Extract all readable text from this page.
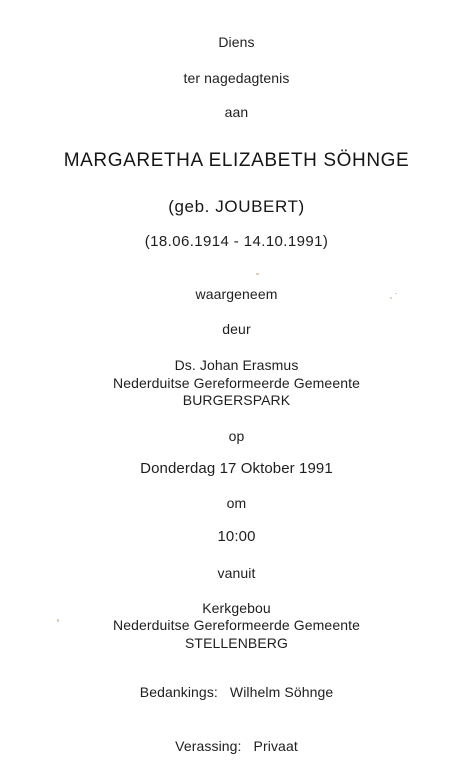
Diens
ter nagedagtenis
aan
MARGARETHA ELIZABETH SÖHNGE
(geb. JOUBERT)
(18.06.1914 - 14.10.1991)
waargeneem
deur
Ds. Johan Erasmus
Nederduitse Gereformeerde Gemeente
BURGERSPARK
op
Donderdag 17 Oktober 1991
om
10:00
vanuit
Kerkgebou
Nederduitse Gereformeerde Gemeente
STELLENBERG
Bedankings: Wilhelm Söhnge
Verassing: Privaat
